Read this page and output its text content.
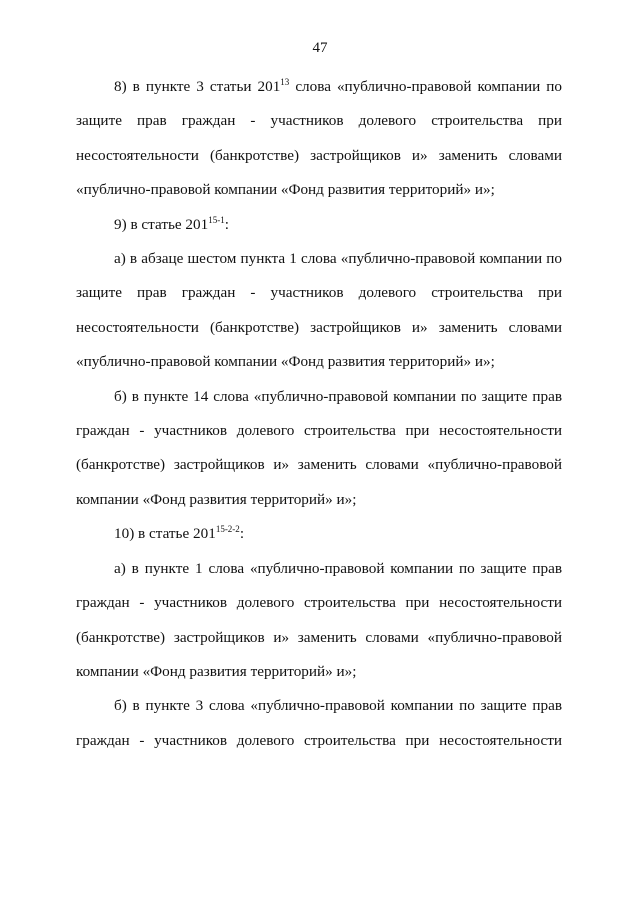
47
8) в пункте 3 статьи $201^{13}$ слова «публично-правовой компании по
защите прав граждан - участников долевого строительства при
несостоятельности (банкротстве) застройщиков и» заменить словами
«публично-правовой компании «Фонд развития территорий» и»;
9) в статье 201$^{15-1}$:
а) в абзаце шестом пункта 1 слова «публично-правовой компании по
защите прав граждан - участников долевого строительства при
несостоятельности (банкротстве) застройщиков и» заменить словами
«публично-правовой компании «Фонд развития территорий» и»;
б) в пункте 14 слова «публично-правовой компании по защите прав
граждан - участников долевого строительства при несостоятельности
(банкротстве) застройщиков и» заменить словами «публично-правовой
компании «Фонд развития территорий» и»;
10) в статье 201$^{15-2-2}$:
а) в пункте 1 слова «публично-правовой компании по защите прав
граждан - участников долевого строительства при несостоятельности
(банкротстве) застройщиков и» заменить словами «публично-правовой
компании «Фонд развития территорий» и»;
б) в пункте 3 слова «публично-правовой компании по защите прав
граждан - участников долевого строительства при несостоятельности
